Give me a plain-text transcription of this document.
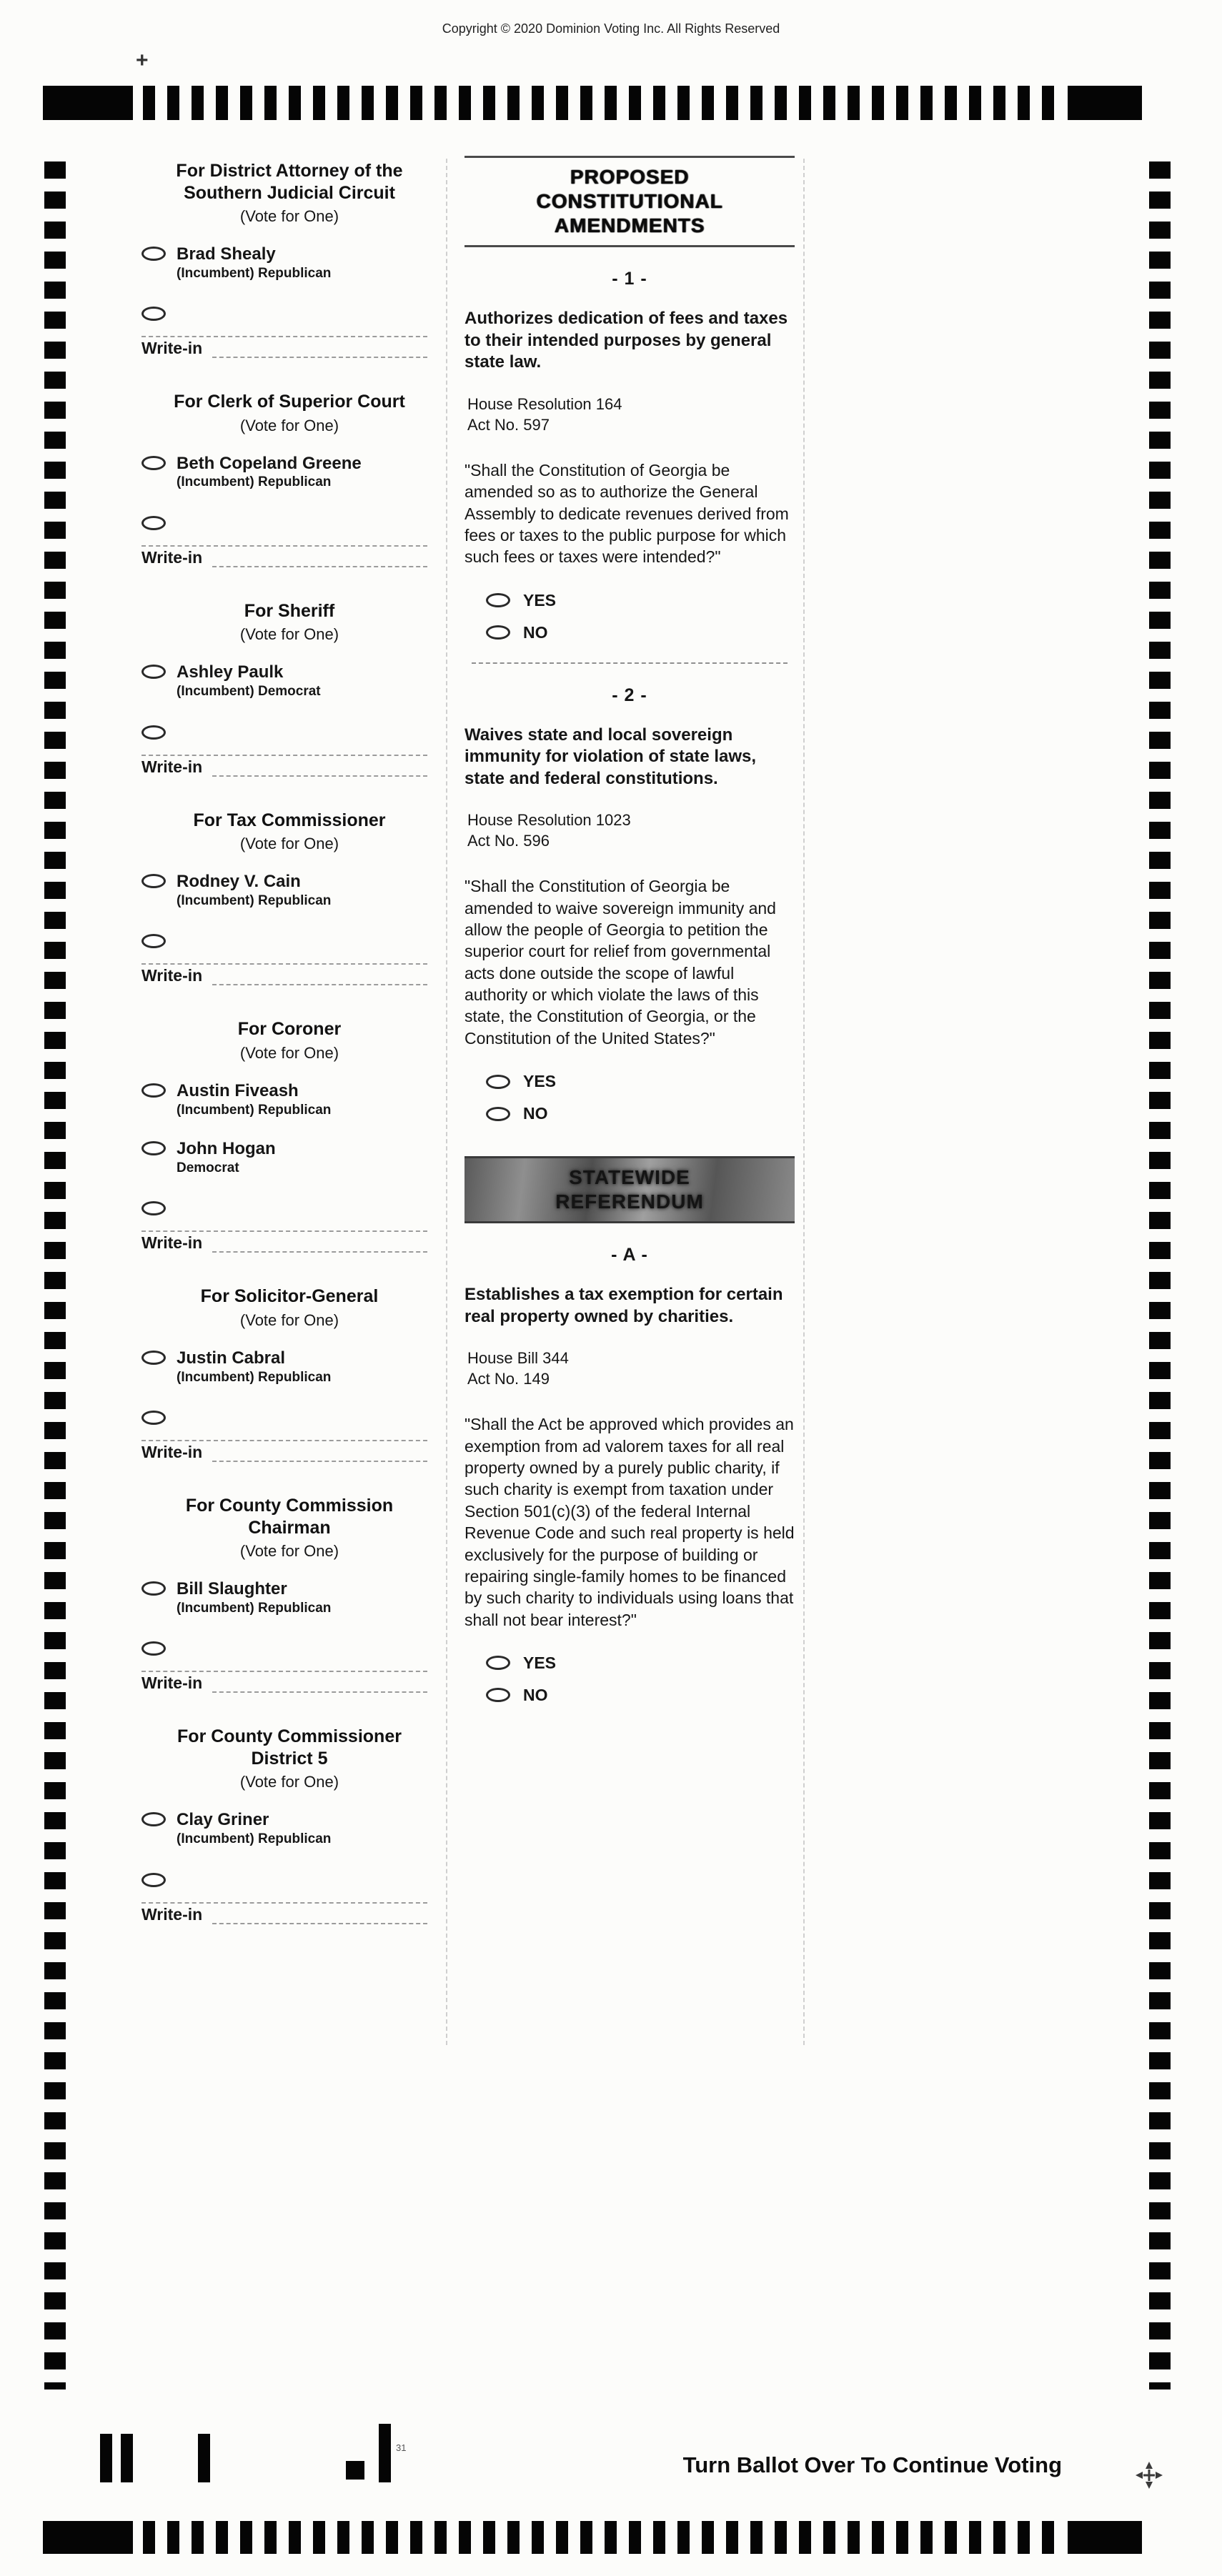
Copyright © 2020 Dominion Voting Inc. All Rights Reserved
+
For District Attorney of the
Southern Judicial Circuit
(Vote for One)
Brad Shealy
(Incumbent) Republican
Write-in
For Clerk of Superior Court
(Vote for One)
Beth Copeland Greene
(Incumbent) Republican
Write-in
For Sheriff
(Vote for One)
Ashley Paulk
(Incumbent) Democrat
Write-in
For Tax Commissioner
(Vote for One)
Rodney V. Cain
(Incumbent) Republican
Write-in
For Coroner
(Vote for One)
Austin Fiveash
(Incumbent) Republican
John Hogan
Democrat
Write-in
For Solicitor-General
(Vote for One)
Justin Cabral
(Incumbent) Republican
Write-in
For County Commission
Chairman
(Vote for One)
Bill Slaughter
(Incumbent) Republican
Write-in
For County Commissioner
District 5
(Vote for One)
Clay Griner
(Incumbent) Republican
Write-in
PROPOSED
CONSTITUTIONAL
AMENDMENTS
- 1 -

Authorizes dedication of fees and taxes to their intended purposes by general state law.

House Resolution 164
Act No. 597

"Shall the Constitution of Georgia be amended so as to authorize the General Assembly to dedicate revenues derived from fees or taxes to the public purpose for which such fees or taxes were intended?"

YES
NO
- 2 -

Waives state and local sovereign immunity for violation of state laws, state and federal constitutions.

House Resolution 1023
Act No. 596

"Shall the Constitution of Georgia be amended to waive sovereign immunity and allow the people of Georgia to petition the superior court for relief from governmental acts done outside the scope of lawful authority or which violate the laws of this state, the Constitution of Georgia, or the Constitution of the United States?"

YES
NO
STATEWIDE
REFERENDUM
- A -

Establishes a tax exemption for certain real property owned by charities.

House Bill 344
Act No. 149

"Shall the Act be approved which provides an exemption from ad valorem taxes for all real property owned by a purely public charity, if such charity is exempt from taxation under Section 501(c)(3) of the federal Internal Revenue Code and such real property is held exclusively for the purpose of building or repairing single-family homes to be financed by such charity to individuals using loans that shall not bear interest?"

YES
NO
31
Turn Ballot Over To Continue Voting
